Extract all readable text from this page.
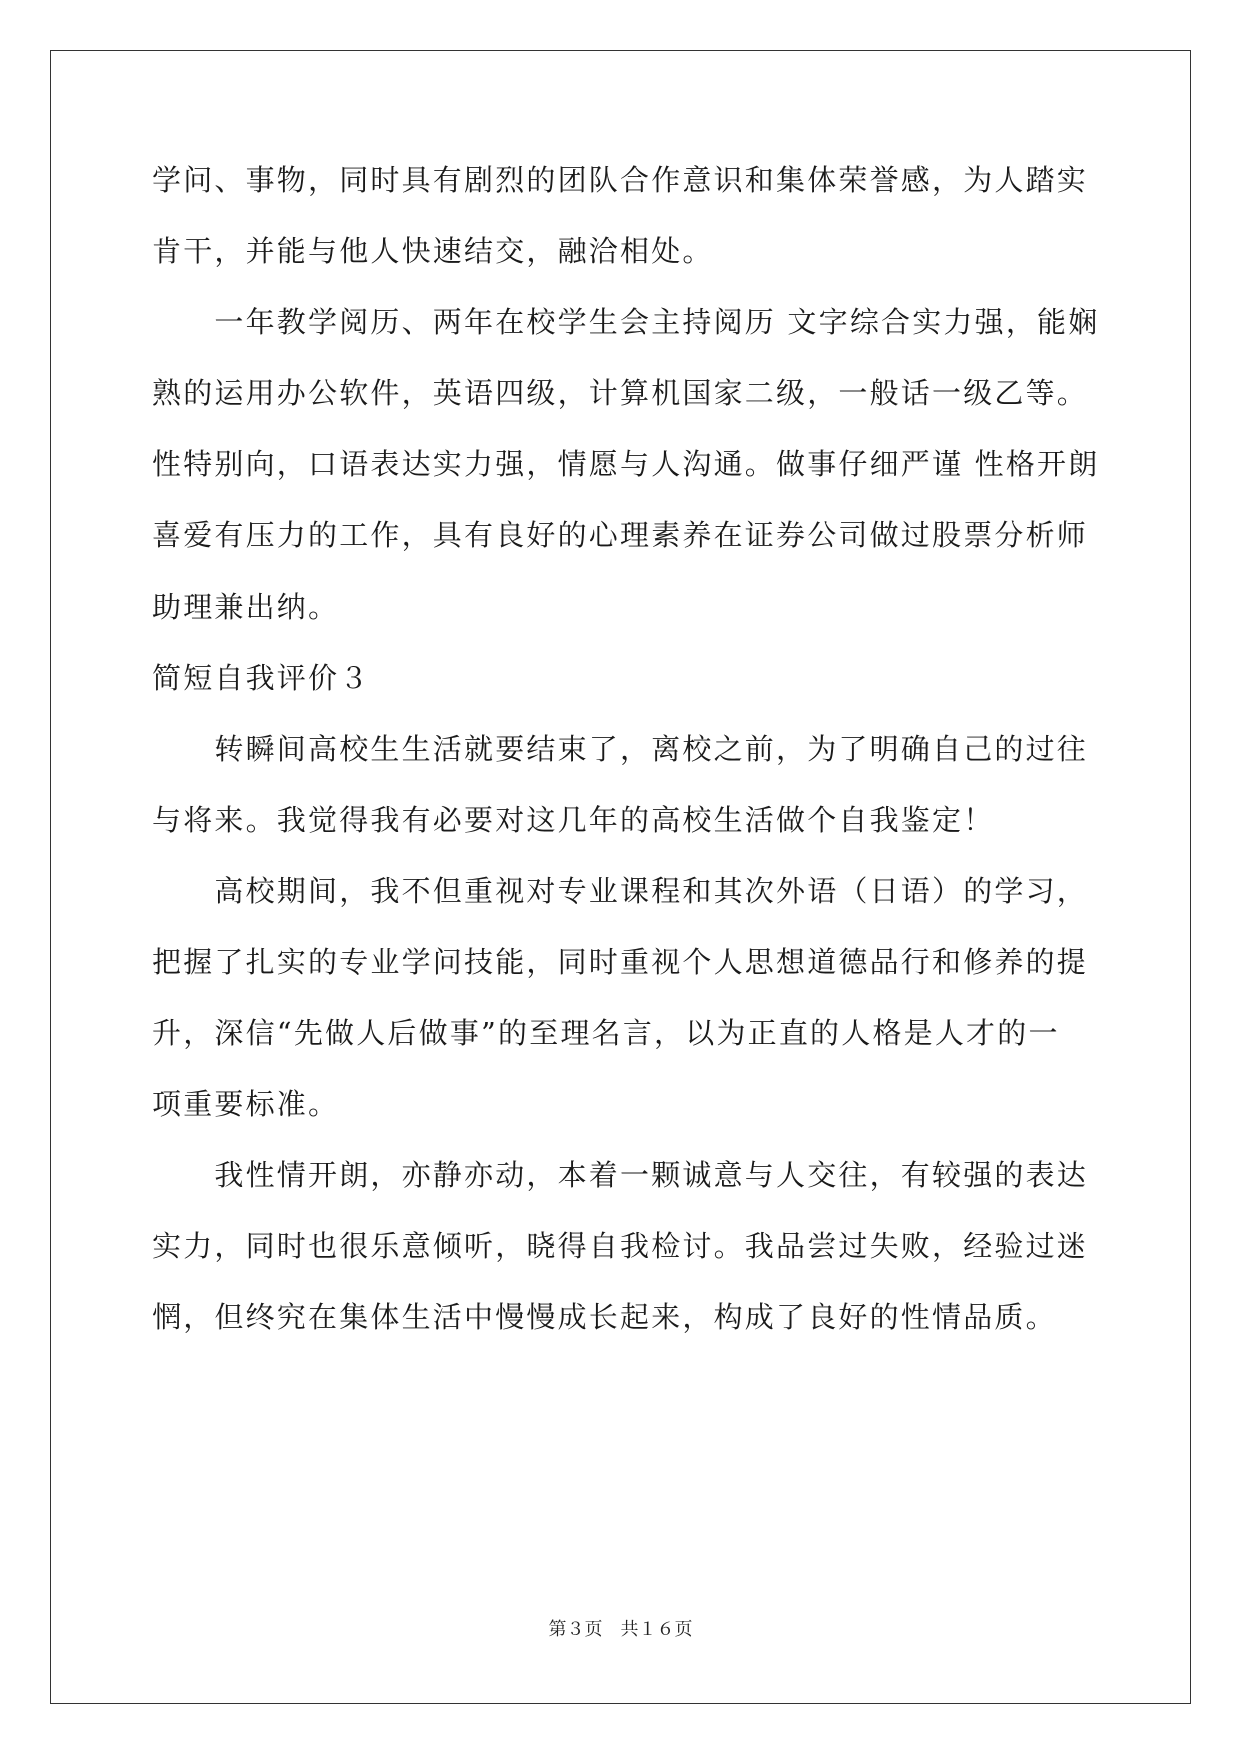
学问、事物，同时具有剧烈的团队合作意识和集体荣誉感，为人踏实
肯干，并能与他人快速结交，融洽相处。
　　一年教学阅历、两年在校学生会主持阅历 文字综合实力强，能娴
熟的运用办公软件，英语四级，计算机国家二级，一般话一级乙等。
性特别向，口语表达实力强，情愿与人沟通。做事仔细严谨 性格开朗
喜爱有压力的工作，具有良好的心理素养在证券公司做过股票分析师
助理兼出纳。
简短自我评价３
　　转瞬间高校生生活就要结束了，离校之前，为了明确自己的过往
与将来。我觉得我有必要对这几年的高校生活做个自我鉴定！
　　高校期间，我不但重视对专业课程和其次外语（日语）的学习，
把握了扎实的专业学问技能，同时重视个人思想道德品行和修养的提
升，深信“先做人后做事”的至理名言，以为正直的人格是人才的一
项重要标准。
　　我性情开朗，亦静亦动，本着一颗诚意与人交往，有较强的表达
实力，同时也很乐意倾听，晓得自我检讨。我品尝过失败，经验过迷
惘，但终究在集体生活中慢慢成长起来，构成了良好的性情品质。
第３页　共１６页
